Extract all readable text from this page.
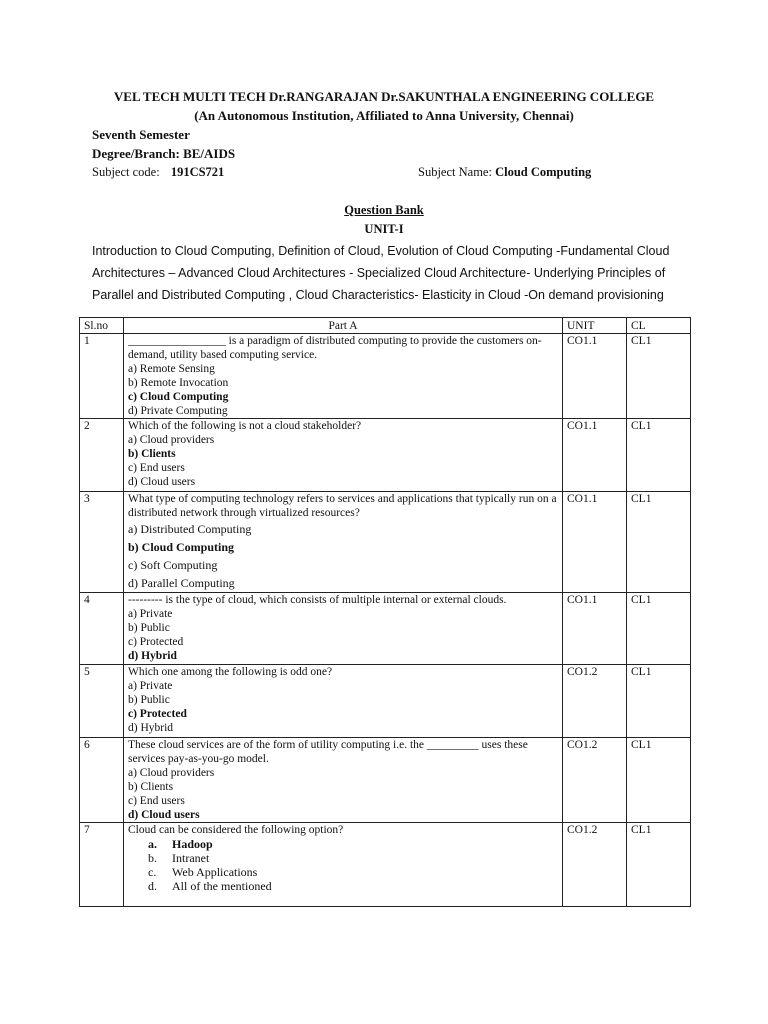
VEL TECH MULTI TECH Dr.RANGARAJAN Dr.SAKUNTHALA ENGINEERING COLLEGE
(An Autonomous Institution, Affiliated to Anna University, Chennai)
Seventh Semester
Degree/Branch: BE/AIDS
Subject code: 191CS721	Subject Name: Cloud Computing
Question Bank
UNIT-I
Introduction to Cloud Computing, Definition of Cloud, Evolution of Cloud Computing -Fundamental Cloud
Architectures – Advanced Cloud Architectures - Specialized Cloud Architecture- Underlying Principles of
Parallel and Distributed Computing , Cloud Characteristics- Elasticity in Cloud -On demand provisioning
Sl.no	Part A	UNIT	CL
1	_________________ is a paradigm of distributed computing to provide the customers on-demand, utility based computing service.
a) Remote Sensing
b) Remote Invocation
c) Cloud Computing
d) Private Computing	CO1.1	CL1
2	Which of the following is not a cloud stakeholder?
a) Cloud providers
b) Clients
c) End users
d) Cloud users	CO1.1	CL1
3	What type of computing technology refers to services and applications that typically run on a distributed network through virtualized resources?
a) Distributed Computing
b) Cloud Computing
c) Soft Computing
d) Parallel Computing	CO1.1	CL1
4	--------- is the type of cloud, which consists of multiple internal or external clouds.
a) Private
b) Public
c) Protected
d) Hybrid	CO1.1	CL1
5	Which one among the following is odd one?
a) Private
b) Public
c) Protected
d) Hybrid	CO1.2	CL1
6	These cloud services are of the form of utility computing i.e. the _________ uses these services pay-as-you-go model.
a) Cloud providers
b) Clients
c) End users
d) Cloud users	CO1.2	CL1
7	Cloud can be considered the following option?
a. Hadoop
b. Intranet
c. Web Applications
d. All of the mentioned	CO1.2	CL1
